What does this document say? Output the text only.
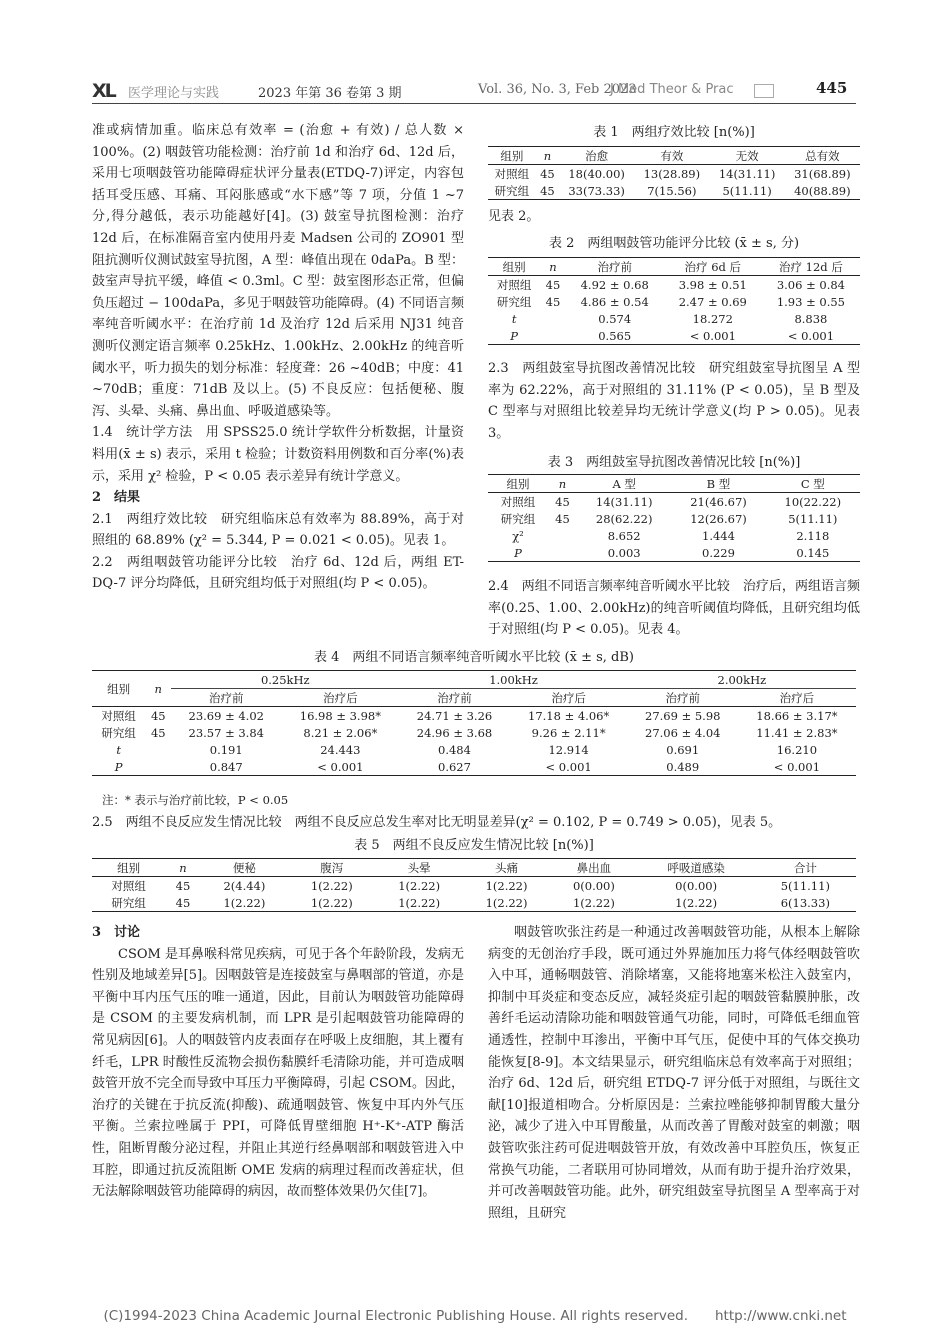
XL 医学理论与实践	2023 年第 36 卷第 3 期	Vol. 36, No. 3, Feb 2023
J Med Theor & Prac	445

准或病情加重。临床总有效率 = (治愈 + 有效) / 总人数 × 100%。(2) 咽鼓管功能检测：治疗前 1d 和治疗 6d、12d 后，采用七项咽鼓管功能障碍症状评分量表(ETDQ-7)评定，内容包括耳受压感、耳痛、耳闷胀感或“水下感”等 7 项，分值 1 ~7 分,得分越低，表示功能越好[4]。(3) 鼓室导抗图检测：治疗 12d 后，在标准隔音室内使用丹麦 Madsen 公司的 ZO901 型阻抗测听仪测试鼓室导抗图，A 型：峰值出现在 0daPa。B 型：鼓室声导抗平缓，峰值 < 0.3ml。C 型：鼓室图形态正常，但偏负压超过 − 100daPa，多见于咽鼓管功能障碍。(4) 不同语言频率纯音听阈水平：在治疗前 1d 及治疗 12d 后采用 NJ31 纯音测听仪测定语言频率 0.25kHz、1.00kHz、2.00kHz 的纯音听阈水平，听力损失的划分标准：轻度聋：26 ~40dB；中度：41 ~70dB；重度：71dB 及以上。(5) 不良反应：包括便秘、腹泻、头晕、头痛、鼻出血、呼吸道感染等。

1.4　统计学方法　用 SPSS25.0 统计学软件分析数据，计量资料用(x̄ ± s) 表示，采用 t 检验；计数资料用例数和百分率(%)表示，采用 χ² 检验，P < 0.05 表示差异有统计学意义。

2　结果

2.1　两组疗效比较　研究组临床总有效率为 88.89%，高于对照组的 68.89% (χ² = 5.344, P = 0.021 < 0.05)。见表 1。

2.2　两组咽鼓管功能评分比较　治疗 6d、12d 后，两组 ET-DQ-7 评分均降低，且研究组均低于对照组(均 P < 0.05)。

表 1　两组疗效比较 [n(%)]
组别	n	治愈	有效	无效	总有效
对照组	45	18(40.00)	13(28.89)	14(31.11)	31(68.89)
研究组	45	33(73.33)	7(15.56)	5(11.11)	40(88.89)
见表 2。
表 2　两组咽鼓管功能评分比较 (x̄ ± s, 分)
组别	n	治疗前	治疗 6d 后	治疗 12d 后
对照组	45	4.92 ± 0.68	3.98 ± 0.51	3.06 ± 0.84
研究组	45	4.86 ± 0.54	2.47 ± 0.69	1.93 ± 0.55
t		0.574	18.272	8.838
P		0.565	< 0.001	< 0.001
2.3　两组鼓室导抗图改善情况比较　研究组鼓室导抗图呈 A 型率为 62.22%，高于对照组的 31.11% (P < 0.05)，呈 B 型及 C 型率与对照组比较差异均无统计学意义(均 P > 0.05)。见表 3。
表 3　两组鼓室导抗图改善情况比较 [n(%)]
组别	n	A 型	B 型	C 型
对照组	45	14(31.11)	21(46.67)	10(22.22)
研究组	45	28(62.22)	12(26.67)	5(11.11)
χ²		8.652	1.444	2.118
P		0.003	0.229	0.145
2.4　两组不同语言频率纯音听阈水平比较　治疗后，两组语言频率(0.25、1.00、2.00kHz)的纯音听阈值均降低，且研究组均低于对照组(均 P < 0.05)。见表 4。
表 4　两组不同语言频率纯音听阈水平比较 (x̄ ± s, dB)
组别	n	0.25kHz		1.00kHz		2.00kHz	
		治疗前	治疗后	治疗前	治疗后	治疗前	治疗后
对照组	45	23.69 ± 4.02	16.98 ± 3.98*	24.71 ± 3.26	17.18 ± 4.06*	27.69 ± 5.98	18.66 ± 3.17*
研究组	45	23.57 ± 3.84	8.21 ± 2.06*	24.96 ± 3.68	9.26 ± 2.11*	27.06 ± 4.04	11.41 ± 2.83*
t		0.191	24.443	0.484	12.914	0.691	16.210
P		0.847	< 0.001	0.627	< 0.001	0.489	< 0.001
注：* 表示与治疗前比较，P < 0.05
2.5　两组不良反应发生情况比较　两组不良反应总发生率对比无明显差异(χ² = 0.102, P = 0.749 > 0.05)，见表 5。
表 5　两组不良反应发生情况比较 [n(%)]
组别	n	便秘	腹泻	头晕	头痛	鼻出血	呼吸道感染	合计
对照组	45	2(4.44)	1(2.22)	1(2.22)	1(2.22)	0(0.00)	0(0.00)	5(11.11)
研究组	45	1(2.22)	1(2.22)	1(2.22)	1(2.22)	1(2.22)	1(2.22)	6(13.33)
3　讨论
CSOM 是耳鼻喉科常见疾病，可见于各个年龄阶段，发病无性别及地域差异[5]。因咽鼓管是连接鼓室与鼻咽部的管道，亦是平衡中耳内压气压的唯一通道，因此，目前认为咽鼓管功能障碍是 CSOM 的主要发病机制，而 LPR 是引起咽鼓管功能障碍的常见病因[6]。人的咽鼓管内皮表面存在呼吸上皮细胞，其上覆有纤毛，LPR 时酸性反流物会损伤黏膜纤毛清除功能，并可造成咽鼓管开放不完全而导致中耳压力平衡障碍，引起 CSOM。因此，治疗的关键在于抗反流(抑酸)、疏通咽鼓管、恢复中耳内外气压平衡。兰索拉唑属于 PPI，可降低胃壁细胞 H⁺-K⁺-ATP 酶活性，阻断胃酸分泌过程，并阻止其逆行经鼻咽部和咽鼓管进入中耳腔，即通过抗反流阻断 OME 发病的病理过程而改善症状，但无法解除咽鼓管功能障碍的病因，故而整体效果仍欠佳[7]。
咽鼓管吹张注药是一种通过改善咽鼓管功能，从根本上解除病变的无创治疗手段，既可通过外界施加压力将气体经咽鼓管吹入中耳，通畅咽鼓管、消除堵塞，又能将地塞米松注入鼓室内，抑制中耳炎症和变态反应，减轻炎症引起的咽鼓管黏膜肿胀，改善纤毛运动清除功能和咽鼓管通气功能，同时，可降低毛细血管通透性，控制中耳渗出，平衡中耳气压，促使中耳的气体交换功能恢复[8-9]。本文结果显示，研究组临床总有效率高于对照组；治疗 6d、12d 后，研究组 ETDQ-7 评分低于对照组，与既往文献[10]报道相吻合。分析原因是：兰索拉唑能够抑制胃酸大量分泌，减少了进入中耳胃酸量，从而改善了胃酸对鼓室的刺激；咽鼓管吹张注药可促进咽鼓管开放，有效改善中耳腔负压，恢复正常换气功能，二者联用可协同增效，从而有助于提升治疗效果，并可改善咽鼓管功能。此外，研究组鼓室导抗图呈 A 型率高于对照组，且研究
(C)1994-2023 China Academic Journal Electronic Publishing House. All rights reserved.　　http://www.cnki.net
